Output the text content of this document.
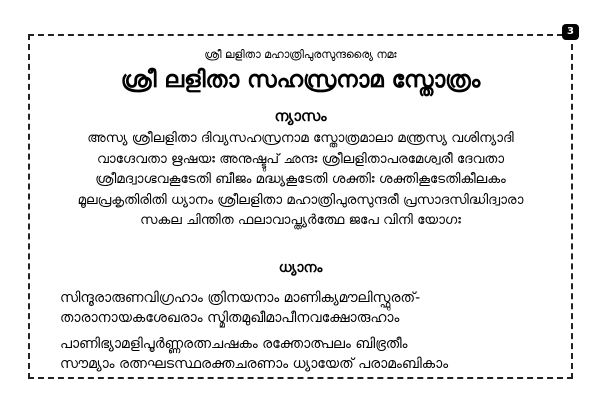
3
ശ്രീ ലളിതാ മഹാത്രിപുരസുന്ദര്യൈ നമഃ
ശ്രീ ലളിതാ സഹസ്രനാമ സ്തോത്രം
ന്യാസം
അസ്യ ശ്രീലളിതാ ദിവ്യസഹസ്രനാമ സ്തോത്രമാലാ മന്ത്രസ്യ വശിന്യാദി
വാഗ്ദേവതാ ഋഷയഃ അനുഷ്ടുപ് ഛന്ദഃ ശ്രീലളിതാപരമേശ്വരീ ദേവതാ
ശ്രീമദ്വാഗ്ഭവകൂടേതി ബീജം മദ്ധ്യകൂടേതി ശക്തിഃ ശക്തികൂടേതികീലകം
മൂലപ്രകൃതിരിതി ധ്യാനം ശ്രീലളിതാ മഹാത്രിപുരസുന്ദരീ പ്രസാദസിദ്ധിദ്വാരാ
സകല ചിന്തിത ഫലാവാപ്ത്യർത്ഥേ ജപേ വിനി യോഗഃ
ധ്യാനം
സിന്ദൂരാരുണവിഗ്രഹാം ത്രിനയനാം മാണിക്യമൗലിസ്ഫുരത്-
താരാനായകശേഖരാം സ്മിതമുഖീമാപീനവക്ഷോരുഹാം
പാണിഭ്യാമളിപൂർണ്ണരത്നചഷകം രക്തോത്പലം ബിഭ്രതീം
സൗമ്യാം രത്നഘടസ്ഥരക്തചരണാം ധ്യായേത് പരാമംബികാം
